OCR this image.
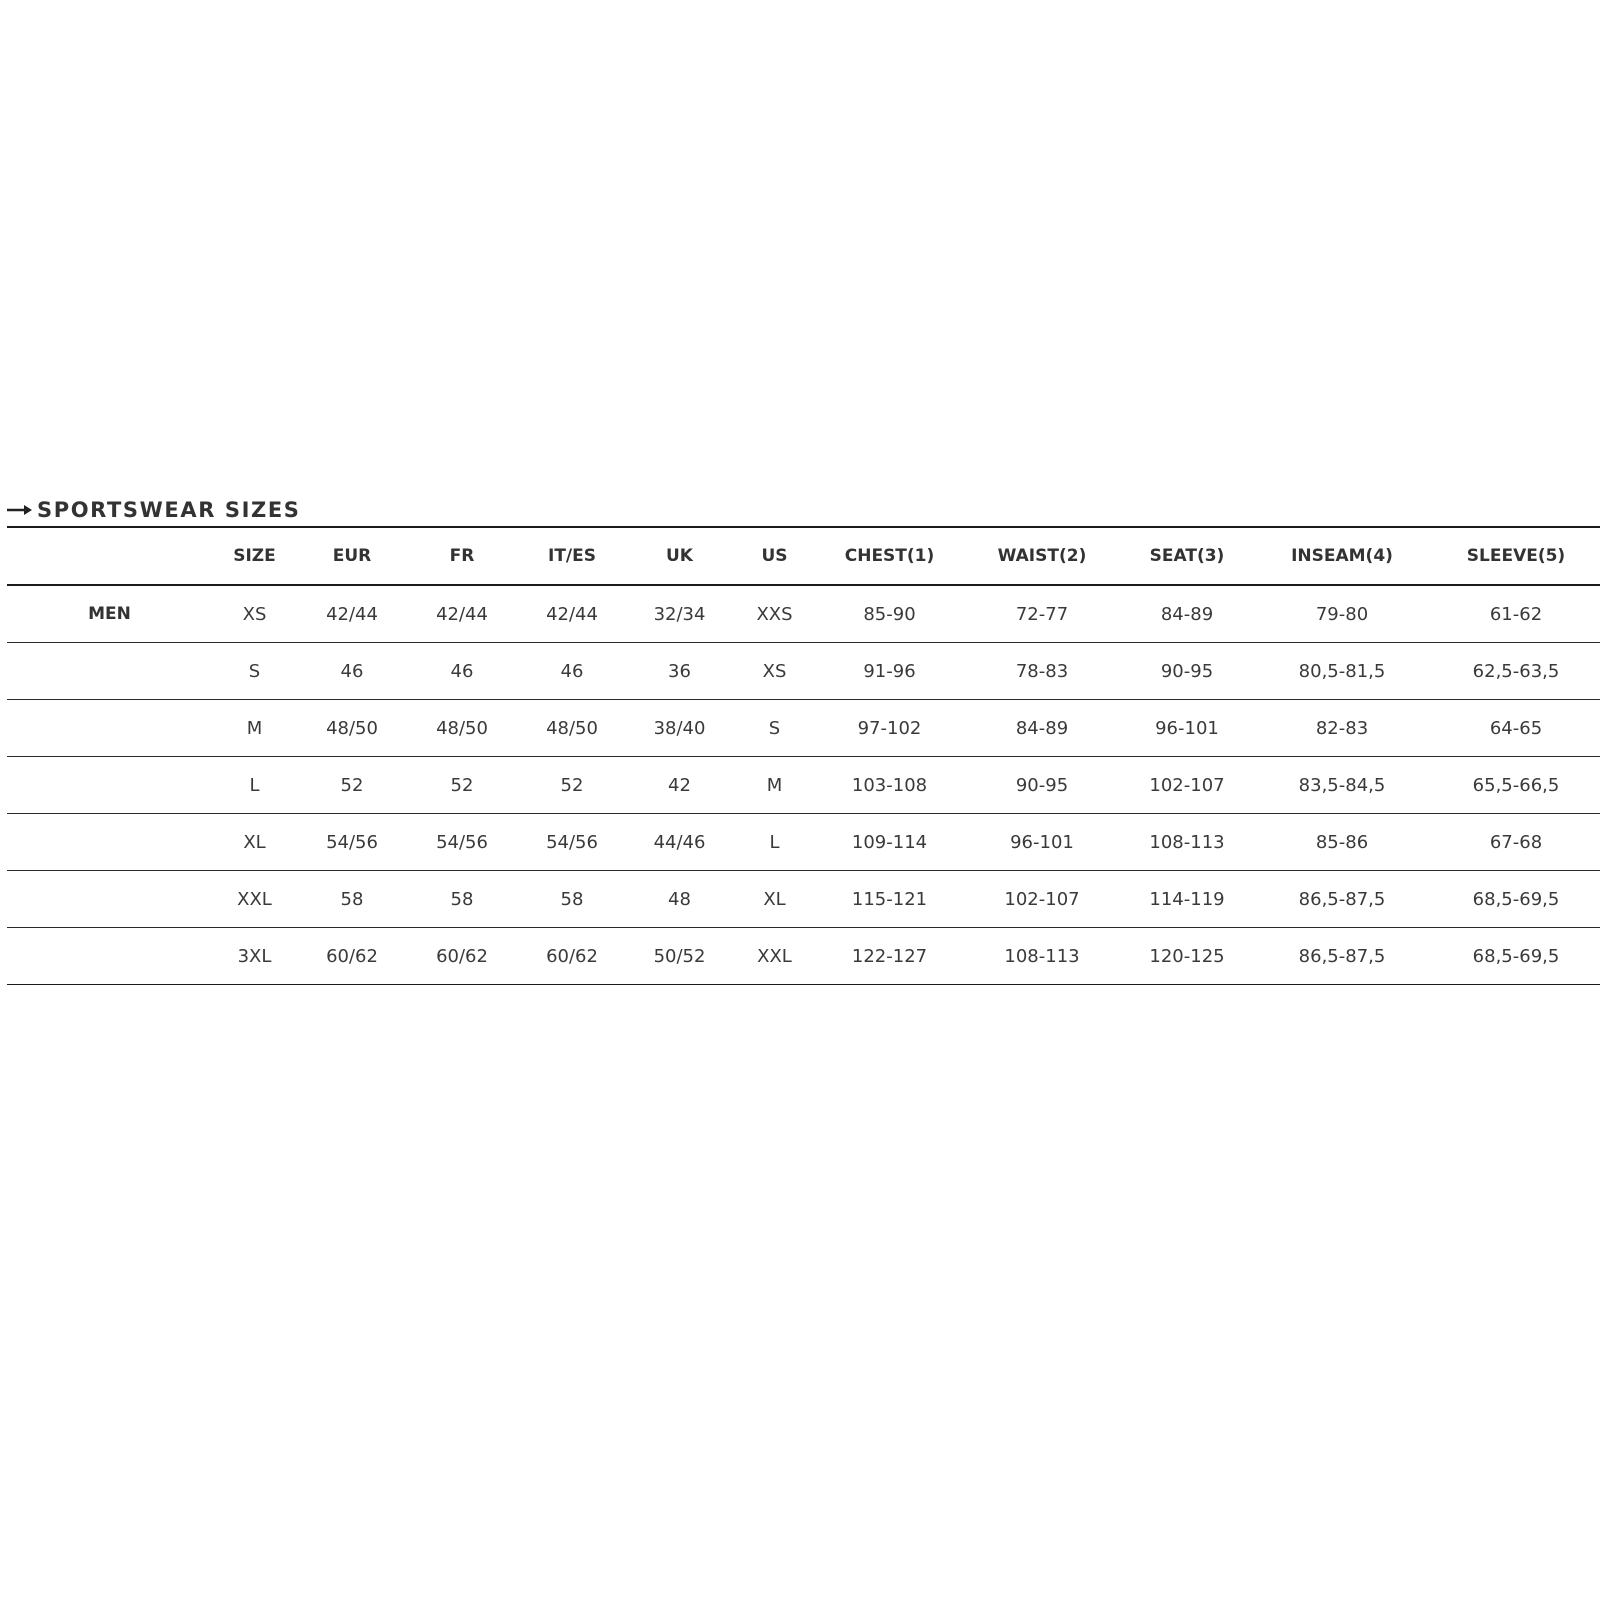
SPORTSWEAR SIZES
	SIZE	EUR	FR	IT/ES	UK	US	CHEST(1)	WAIST(2)	SEAT(3)	INSEAM(4)	SLEEVE(5)
MEN	XS	42/44	42/44	42/44	32/34	XXS	85-90	72-77	84-89	79-80	61-62
	S	46	46	46	36	XS	91-96	78-83	90-95	80,5-81,5	62,5-63,5
	M	48/50	48/50	48/50	38/40	S	97-102	84-89	96-101	82-83	64-65
	L	52	52	52	42	M	103-108	90-95	102-107	83,5-84,5	65,5-66,5
	XL	54/56	54/56	54/56	44/46	L	109-114	96-101	108-113	85-86	67-68
	XXL	58	58	58	48	XL	115-121	102-107	114-119	86,5-87,5	68,5-69,5
	3XL	60/62	60/62	60/62	50/52	XXL	122-127	108-113	120-125	86,5-87,5	68,5-69,5
